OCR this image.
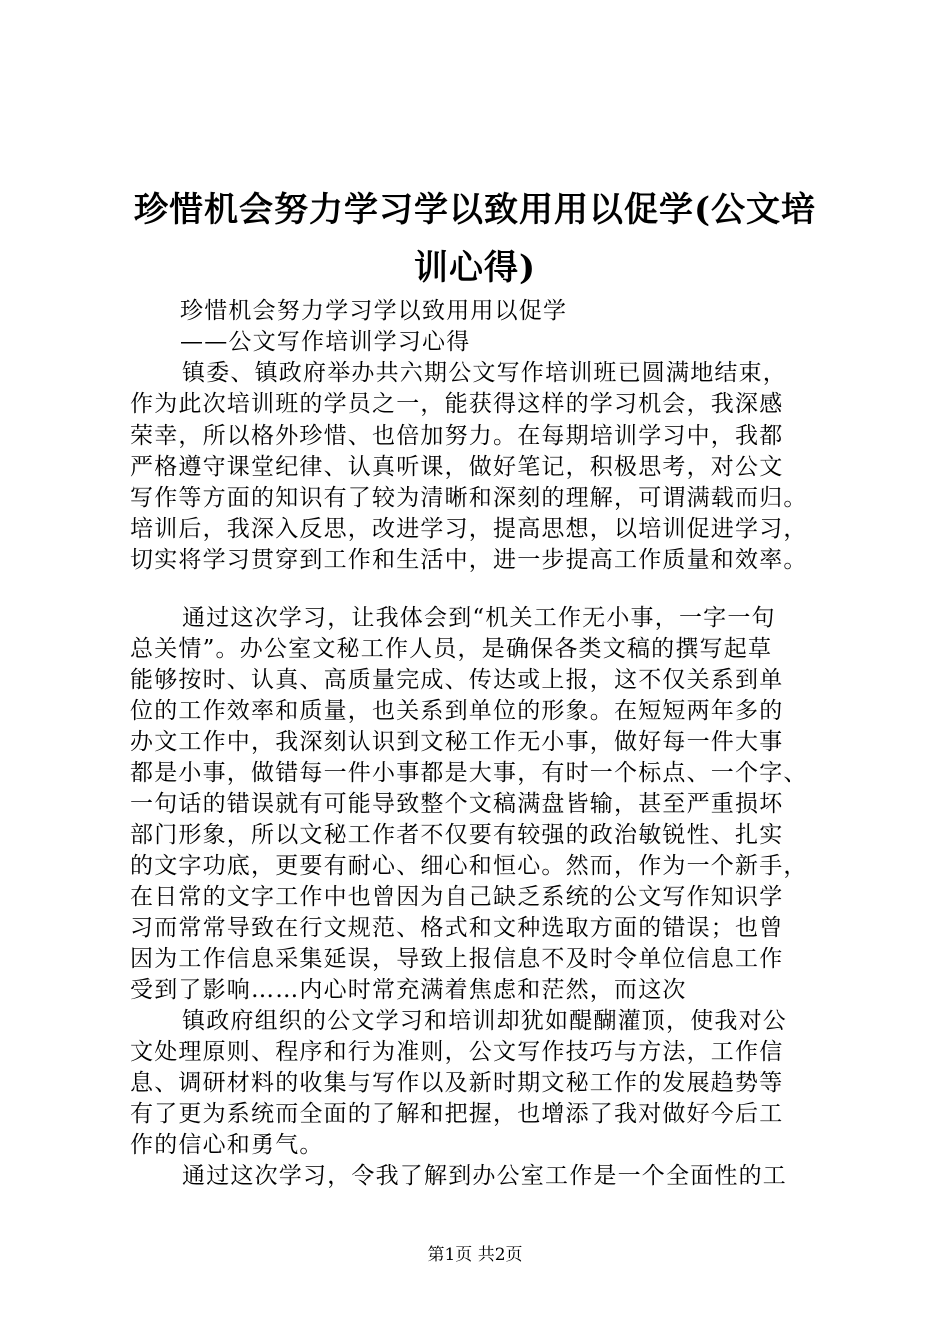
珍惜机会努力学习学以致用用以促学(公文培
训心得)
珍惜机会努力学习学以致用用以促学
——公文写作培训学习心得
镇委、镇政府举办共六期公文写作培训班已圆满地结束，
作为此次培训班的学员之一，能获得这样的学习机会，我深感
荣幸，所以格外珍惜、也倍加努力。在每期培训学习中，我都
严格遵守课堂纪律、认真听课，做好笔记，积极思考，对公文
写作等方面的知识有了较为清晰和深刻的理解，可谓满载而归。
培训后，我深入反思，改进学习，提高思想，以培训促进学习，
切实将学习贯穿到工作和生活中，进一步提高工作质量和效率。
通过这次学习，让我体会到“机关工作无小事，一字一句
总关情”。办公室文秘工作人员，是确保各类文稿的撰写起草
能够按时、认真、高质量完成、传达或上报，这不仅关系到单
位的工作效率和质量，也关系到单位的形象。在短短两年多的
办文工作中，我深刻认识到文秘工作无小事，做好每一件大事
都是小事，做错每一件小事都是大事，有时一个标点、一个字、
一句话的错误就有可能导致整个文稿满盘皆输，甚至严重损坏
部门形象，所以文秘工作者不仅要有较强的政治敏锐性、扎实
的文字功底，更要有耐心、细心和恒心。然而，作为一个新手，
在日常的文字工作中也曾因为自己缺乏系统的公文写作知识学
习而常常导致在行文规范、格式和文种选取方面的错误；也曾
因为工作信息采集延误，导致上报信息不及时令单位信息工作
受到了影响……内心时常充满着焦虑和茫然，而这次
镇政府组织的公文学习和培训却犹如醍醐灌顶，使我对公
文处理原则、程序和行为准则，公文写作技巧与方法，工作信
息、调研材料的收集与写作以及新时期文秘工作的发展趋势等
有了更为系统而全面的了解和把握，也增添了我对做好今后工
作的信心和勇气。
通过这次学习，令我了解到办公室工作是一个全面性的工
第1页 共2页
